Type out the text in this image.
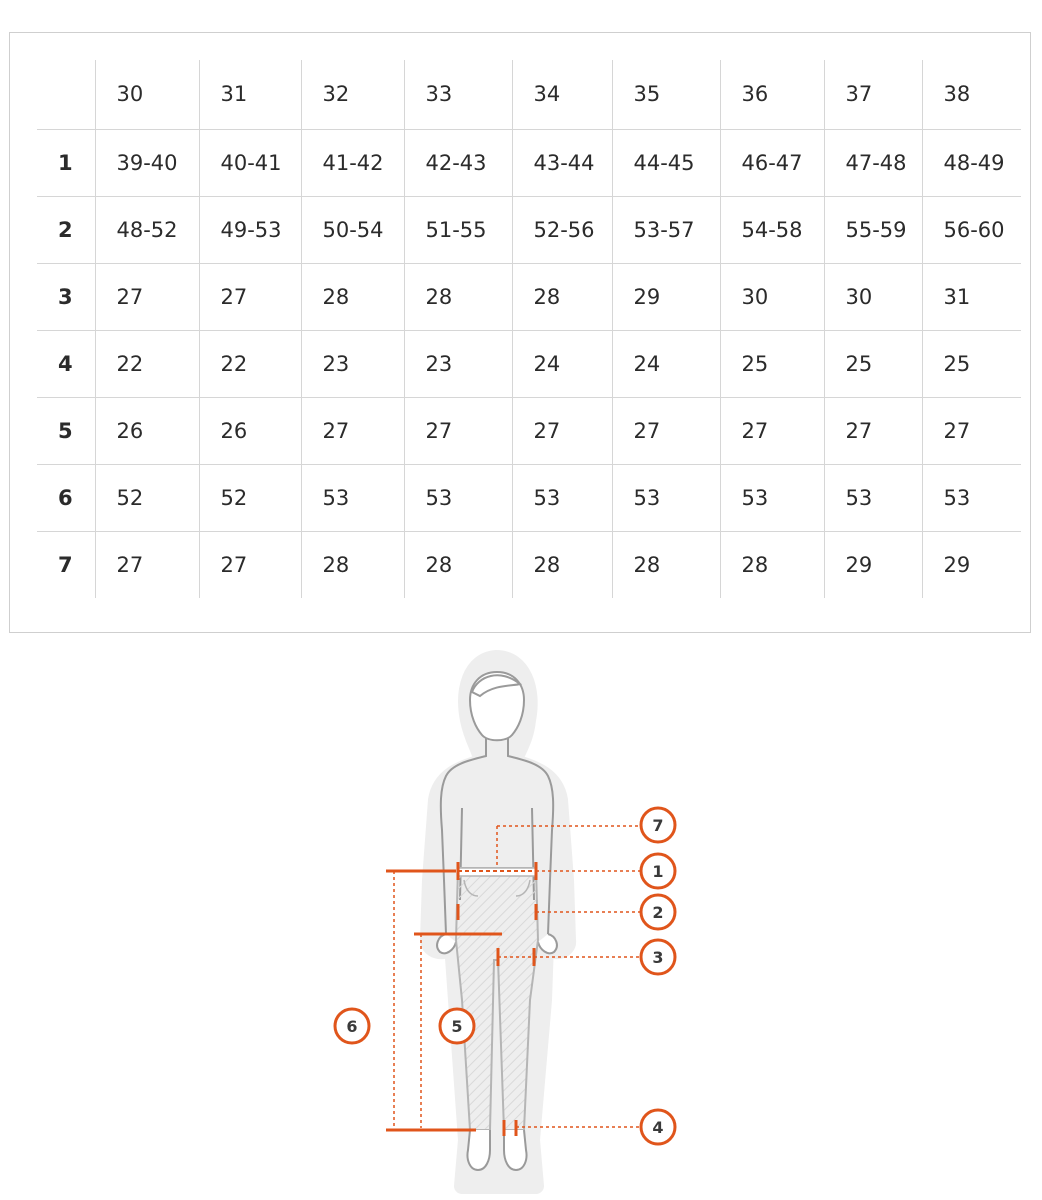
	30	31	32	33	34	35	36	37	38
1	39-40	40-41	41-42	42-43	43-44	44-45	46-47	47-48	48-49
2	48-52	49-53	50-54	51-55	52-56	53-57	54-58	55-59	56-60
3	27	27	28	28	28	29	30	30	31
4	22	22	23	23	24	24	25	25	25
5	26	26	27	27	27	27	27	27	27
6	52	52	53	53	53	53	53	53	53
7	27	27	28	28	28	28	28	29	29
7
1
2
3
6	5
4
